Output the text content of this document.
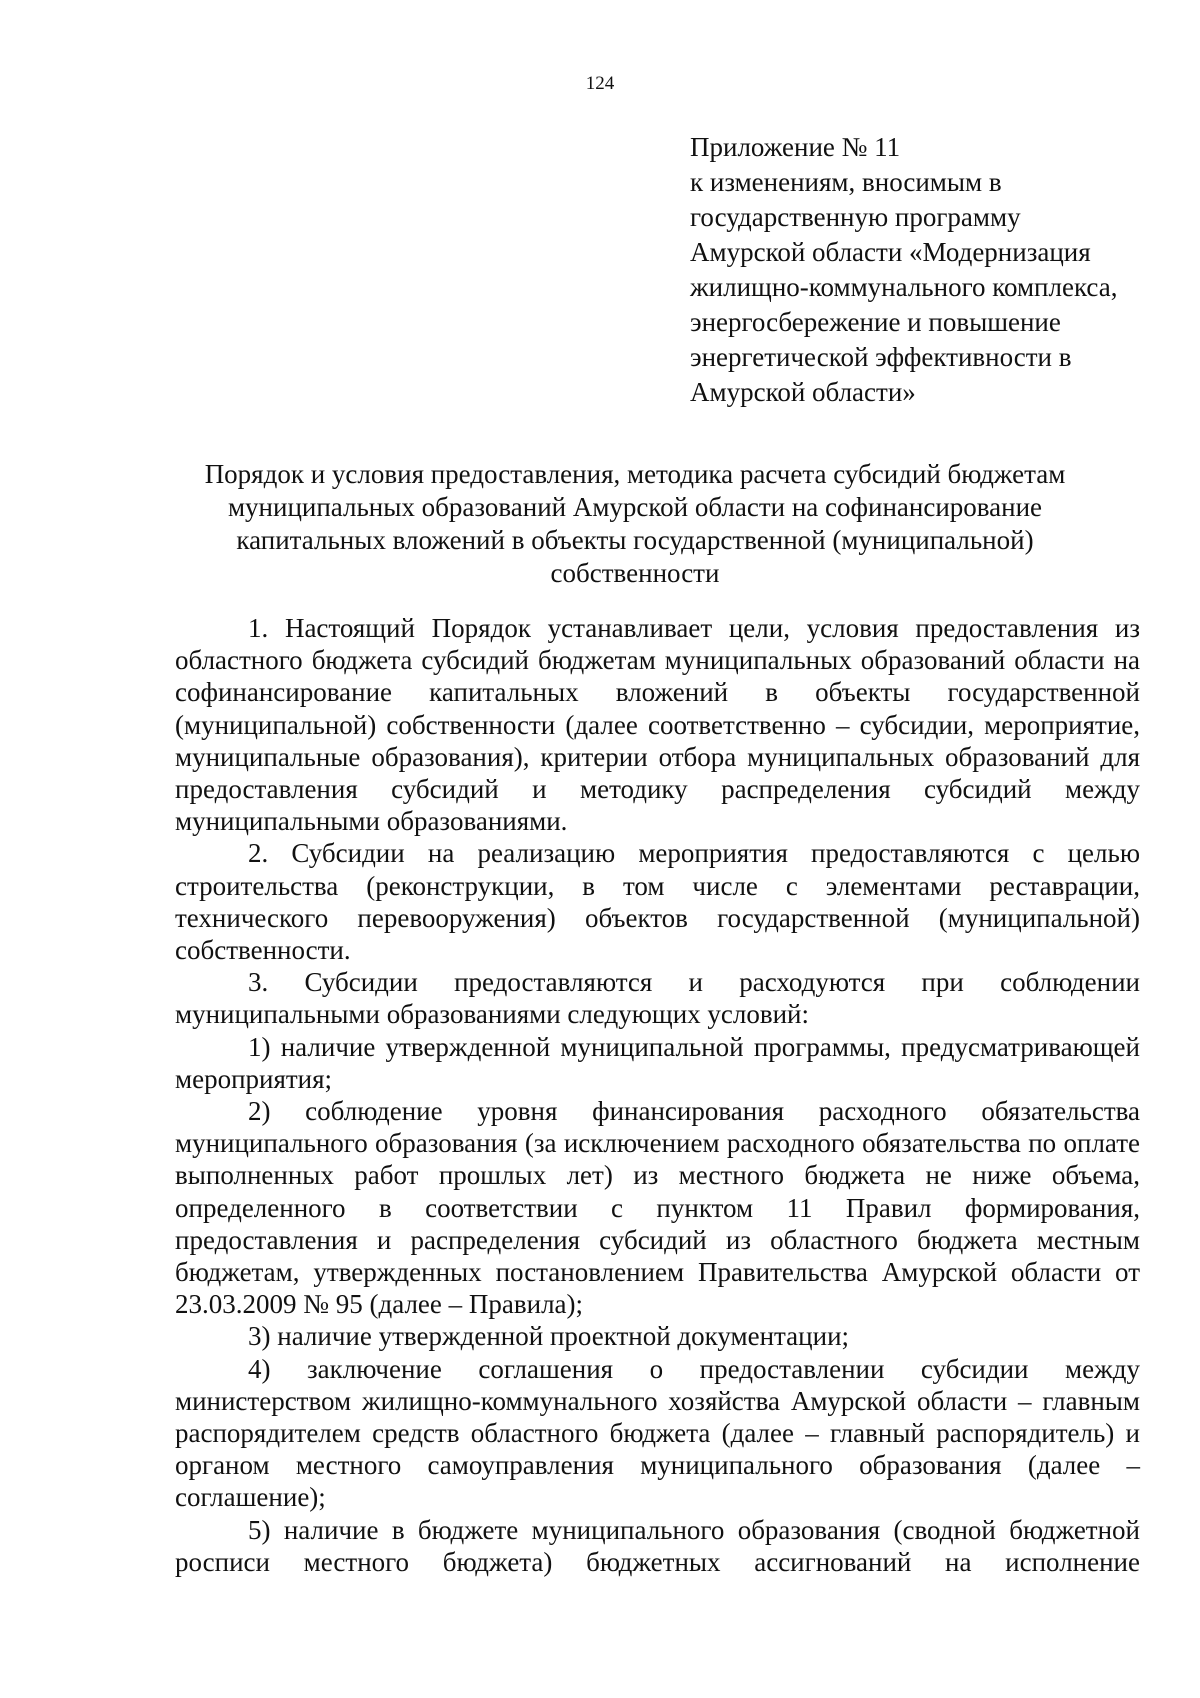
124
Приложение № 11
к изменениям, вносимым в
государственную программу
Амурской области «Модернизация
жилищно-коммунального комплекса,
энергосбережение и повышение
энергетической эффективности в
Амурской области»
Порядок и условия предоставления, методика расчета субсидий бюджетам
муниципальных образований Амурской области на софинансирование
капитальных вложений в объекты государственной (муниципальной)
собственности

1. Настоящий Порядок устанавливает цели, условия предоставления из областного бюджета субсидий бюджетам муниципальных образований области на софинансирование капитальных вложений в объекты государственной (муниципальной) собственности (далее соответственно – субсидии, мероприятие, муниципальные образования), критерии отбора муниципальных образований для предоставления субсидий и методику распределения субсидий между муниципальными образованиями.

2. Субсидии на реализацию мероприятия предоставляются с целью строительства (реконструкции, в том числе с элементами реставрации, технического перевооружения) объектов государственной (муниципальной) собственности.

3. Субсидии предоставляются и расходуются при соблюдении муниципальными образованиями следующих условий:

1) наличие утвержденной муниципальной программы, предусматривающей мероприятия;

2) соблюдение уровня финансирования расходного обязательства муниципального образования (за исключением расходного обязательства по оплате выполненных работ прошлых лет) из местного бюджета не ниже объема, определенного в соответствии с пунктом 11 Правил формирования, предоставления и распределения субсидий из областного бюджета местным бюджетам, утвержденных постановлением Правительства Амурской области от 23.03.2009 № 95 (далее – Правила);

3) наличие утвержденной проектной документации;

4) заключение соглашения о предоставлении субсидии между министерством жилищно-коммунального хозяйства Амурской области – главным распорядителем средств областного бюджета (далее – главный распорядитель) и органом местного самоуправления муниципального образования (далее – соглашение);

5) наличие в бюджете муниципального образования (сводной бюджетной росписи местного бюджета) бюджетных ассигнований на исполнение
